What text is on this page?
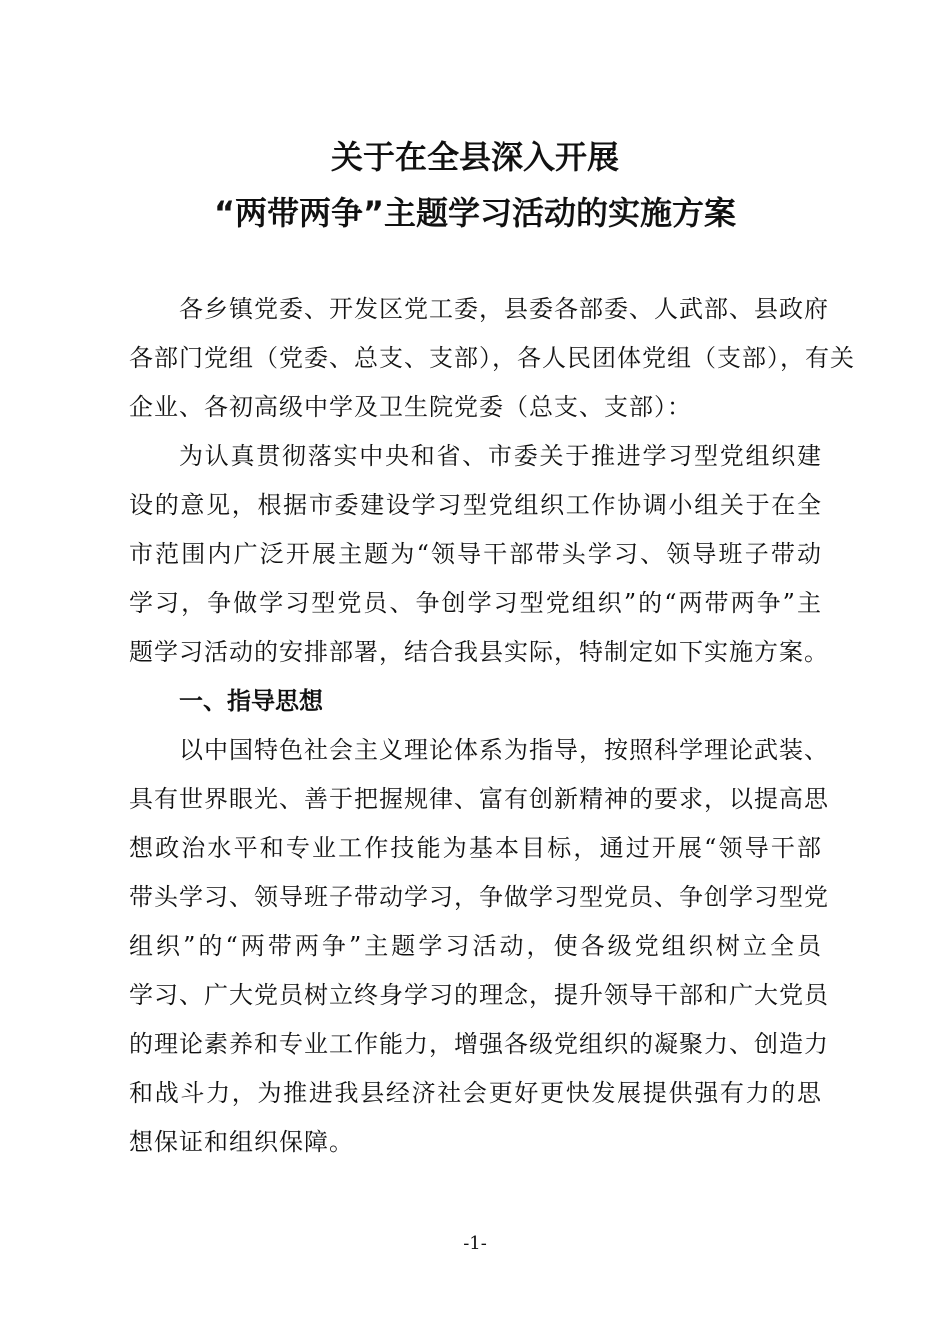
关于在全县深入开展
“两带两争”主题学习活动的实施方案
各乡镇党委、开发区党工委，县委各部委、人武部、县政府
各部门党组（党委、总支、支部），各人民团体党组（支部），有关
企业、各初高级中学及卫生院党委（总支、支部）：
为认真贯彻落实中央和省、市委关于推进学习型党组织建
设的意见，根据市委建设学习型党组织工作协调小组关于在全
市范围内广泛开展主题为“领导干部带头学习、领导班子带动
学习，争做学习型党员、争创学习型党组织”的“两带两争”主
题学习活动的安排部署，结合我县实际，特制定如下实施方案。
一、指导思想
以中国特色社会主义理论体系为指导，按照科学理论武装、
具有世界眼光、善于把握规律、富有创新精神的要求，以提高思
想政治水平和专业工作技能为基本目标，通过开展“领导干部
带头学习、领导班子带动学习，争做学习型党员、争创学习型党
组织”的“两带两争”主题学习活动，使各级党组织树立全员
学习、广大党员树立终身学习的理念，提升领导干部和广大党员
的理论素养和专业工作能力，增强各级党组织的凝聚力、创造力
和战斗力，为推进我县经济社会更好更快发展提供强有力的思
想保证和组织保障。
-1-
